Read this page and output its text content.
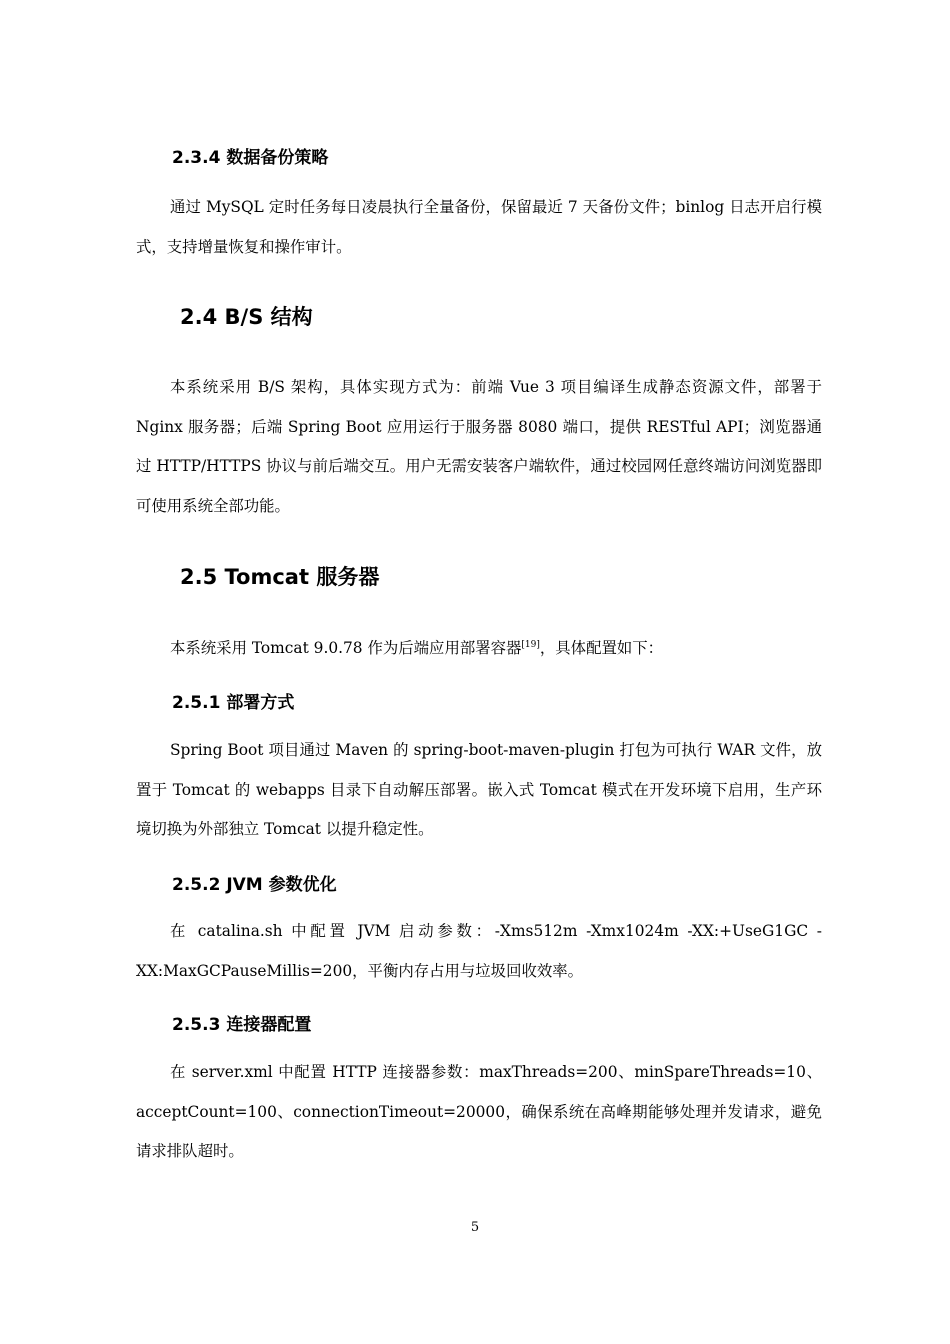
2.3.4 数据备份策略
通过 MySQL 定时任务每日凌晨执行全量备份，保留最近 7 天备份文件；binlog 日志开启行模式，支持增量恢复和操作审计。
2.4 B/S 结构
本系统采用 B/S 架构，具体实现方式为：前端 Vue 3 项目编译生成静态资源文件，部署于 Nginx 服务器；后端 Spring Boot 应用运行于服务器 8080 端口，提供 RESTful API；浏览器通过 HTTP/HTTPS 协议与前后端交互。用户无需安装客户端软件，通过校园网任意终端访问浏览器即可使用系统全部功能。
2.5 Tomcat 服务器
本系统采用 Tomcat 9.0.78 作为后端应用部署容器[19]，具体配置如下：
2.5.1 部署方式
Spring Boot 项目通过 Maven 的 spring-boot-maven-plugin 打包为可执行 WAR 文件，放置于 Tomcat 的 webapps 目录下自动解压部署。嵌入式 Tomcat 模式在开发环境下启用，生产环境切换为外部独立 Tomcat 以提升稳定性。
2.5.2 JVM 参数优化
在 catalina.sh 中配置 JVM 启动参数：-Xms512m -Xmx1024m -XX:+UseG1GC -XX:MaxGCPauseMillis=200，平衡内存占用与垃圾回收效率。
2.5.3 连接器配置
在 server.xml 中配置 HTTP 连接器参数：maxThreads=200、minSpareThreads=10、acceptCount=100、connectionTimeout=20000，确保系统在高峰期能够处理并发请求，避免请求排队超时。
5
